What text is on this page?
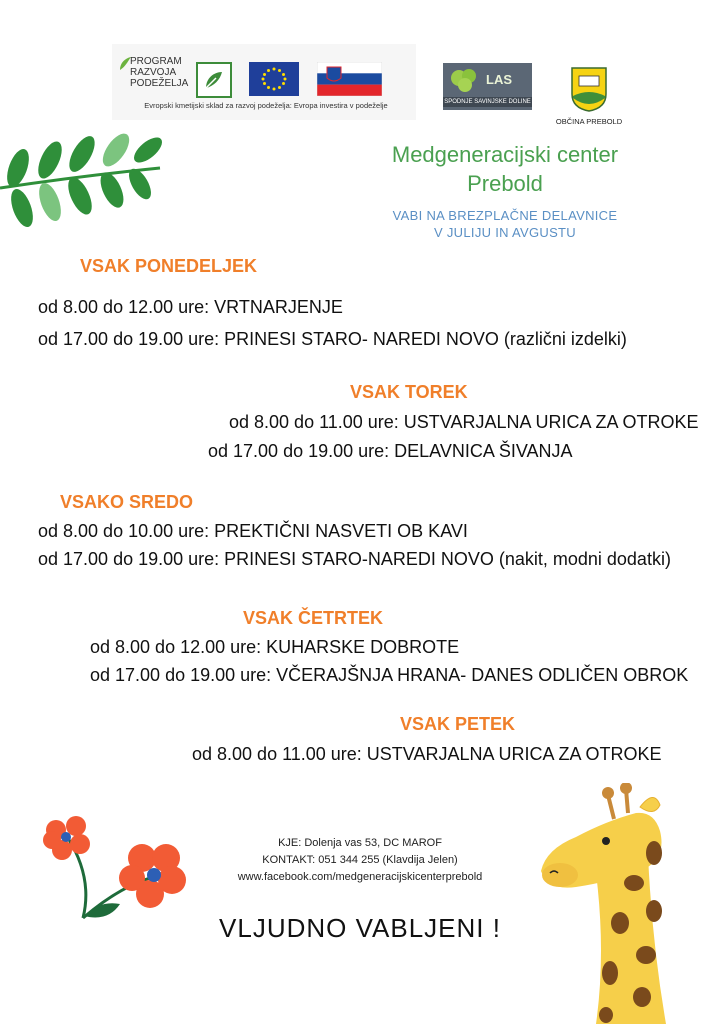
PROGRAM
RAZVOJA
PODEŽELJA
Evropski kmetijski sklad za razvoj podeželja: Evropa investira v podeželje
LAS
SPODNJE SAVINJSKE DOLINE
OBČINA PREBOLD
Medgeneracijski center
Prebold
VABI NA BREZPLAČNE DELAVNICE
V JULIJU IN AVGUSTU
VSAK PONEDELJEK
od 8.00 do 12.00 ure: VRTNARJENJE
od 17.00 do 19.00 ure: PRINESI STARO- NAREDI NOVO (različni izdelki)
VSAK TOREK
od 8.00 do 11.00 ure: USTVARJALNA URICA ZA OTROKE
od 17.00 do 19.00 ure: DELAVNICA ŠIVANJA
VSAKO SREDO
od 8.00 do 10.00 ure: PREKTIČNI NASVETI OB KAVI
od 17.00 do 19.00 ure: PRINESI STARO-NAREDI NOVO (nakit, modni dodatki)
VSAK ČETRTEK
od 8.00 do 12.00 ure: KUHARSKE DOBROTE
od 17.00 do 19.00 ure: VČERAJŠNJA HRANA- DANES ODLIČEN OBROK
VSAK PETEK
od 8.00 do 11.00 ure: USTVARJALNA URICA ZA OTROKE
KJE: Dolenja vas 53, DC MAROF
KONTAKT: 051 344 255 (Klavdija Jelen)
www.facebook.com/medgeneracijskicenterprebold
VLJUDNO VABLJENI !
